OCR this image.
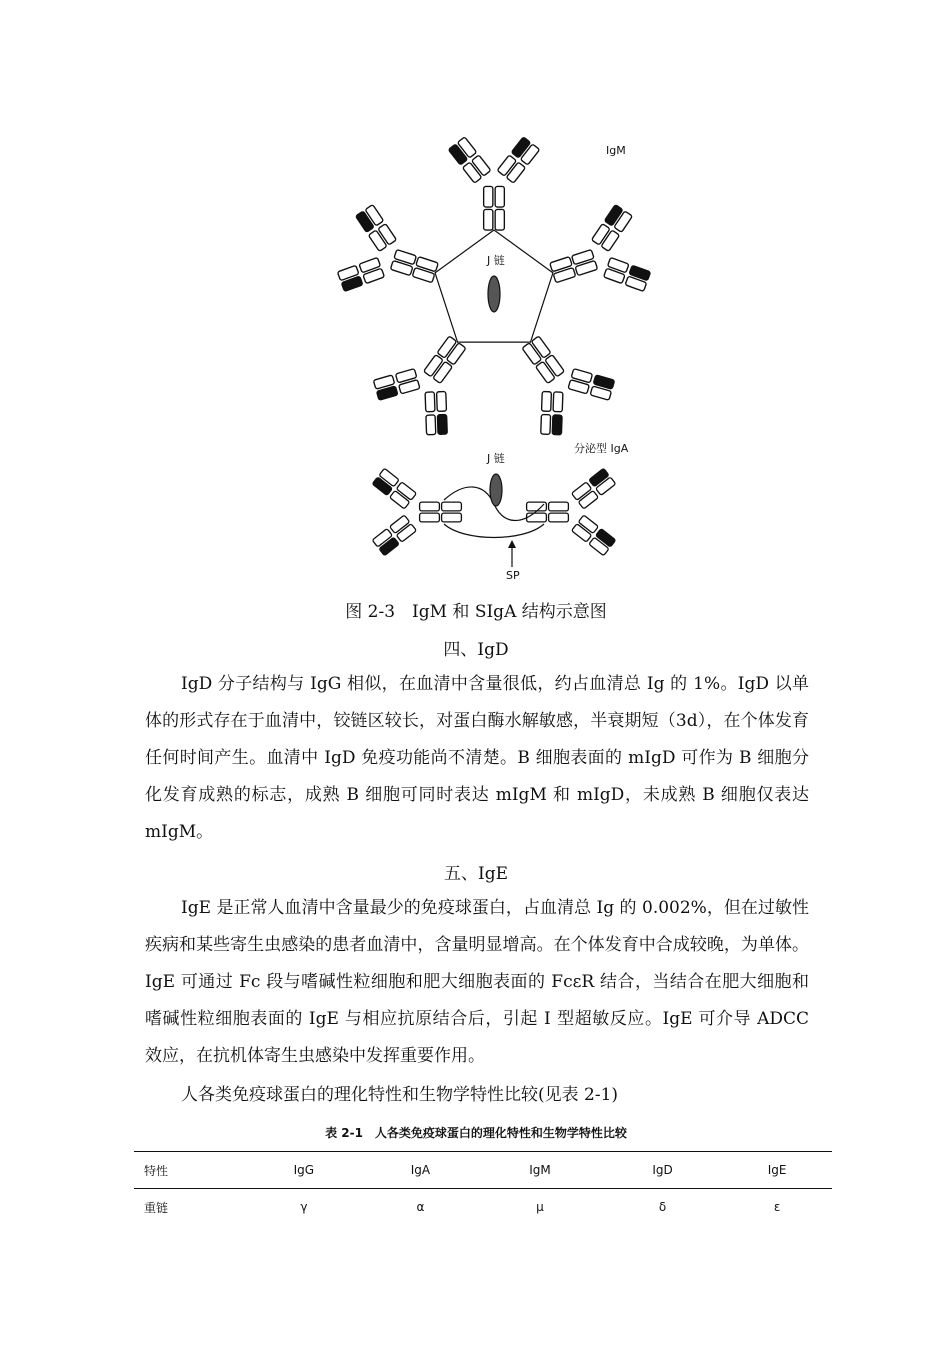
IgM
J 链
分泌型 IgA
J 链
SP
图 2-3　IgM 和 SIgA 结构示意图
四、IgD
IgD 分子结构与 IgG 相似，在血清中含量很低，约占血清总 Ig 的 1%。IgD 以单体的形式存在于血清中，铰链区较长，对蛋白酶水解敏感，半衰期短（3d），在个体发育任何时间产生。血清中 IgD 免疫功能尚不清楚。B 细胞表面的 mIgD 可作为 B 细胞分化发育成熟的标志，成熟 B 细胞可同时表达 mIgM 和 mIgD，未成熟 B 细胞仅表达 mIgM。
五、IgE
IgE 是正常人血清中含量最少的免疫球蛋白，占血清总 Ig 的 0.002%，但在过敏性疾病和某些寄生虫感染的患者血清中，含量明显增高。在个体发育中合成较晚，为单体。IgE 可通过 Fc 段与嗜碱性粒细胞和肥大细胞表面的 FcεR 结合，当结合在肥大细胞和嗜碱性粒细胞表面的 IgE 与相应抗原结合后，引起 Ⅰ 型超敏反应。IgE 可介导 ADCC 效应，在抗机体寄生虫感染中发挥重要作用。
人各类免疫球蛋白的理化特性和生物学特性比较(见表 2-1)
表 2-1　人各类免疫球蛋白的理化特性和生物学特性比较
特性	IgG	IgA	IgM	IgD	IgE
重链	γ	α	μ	δ	ε
